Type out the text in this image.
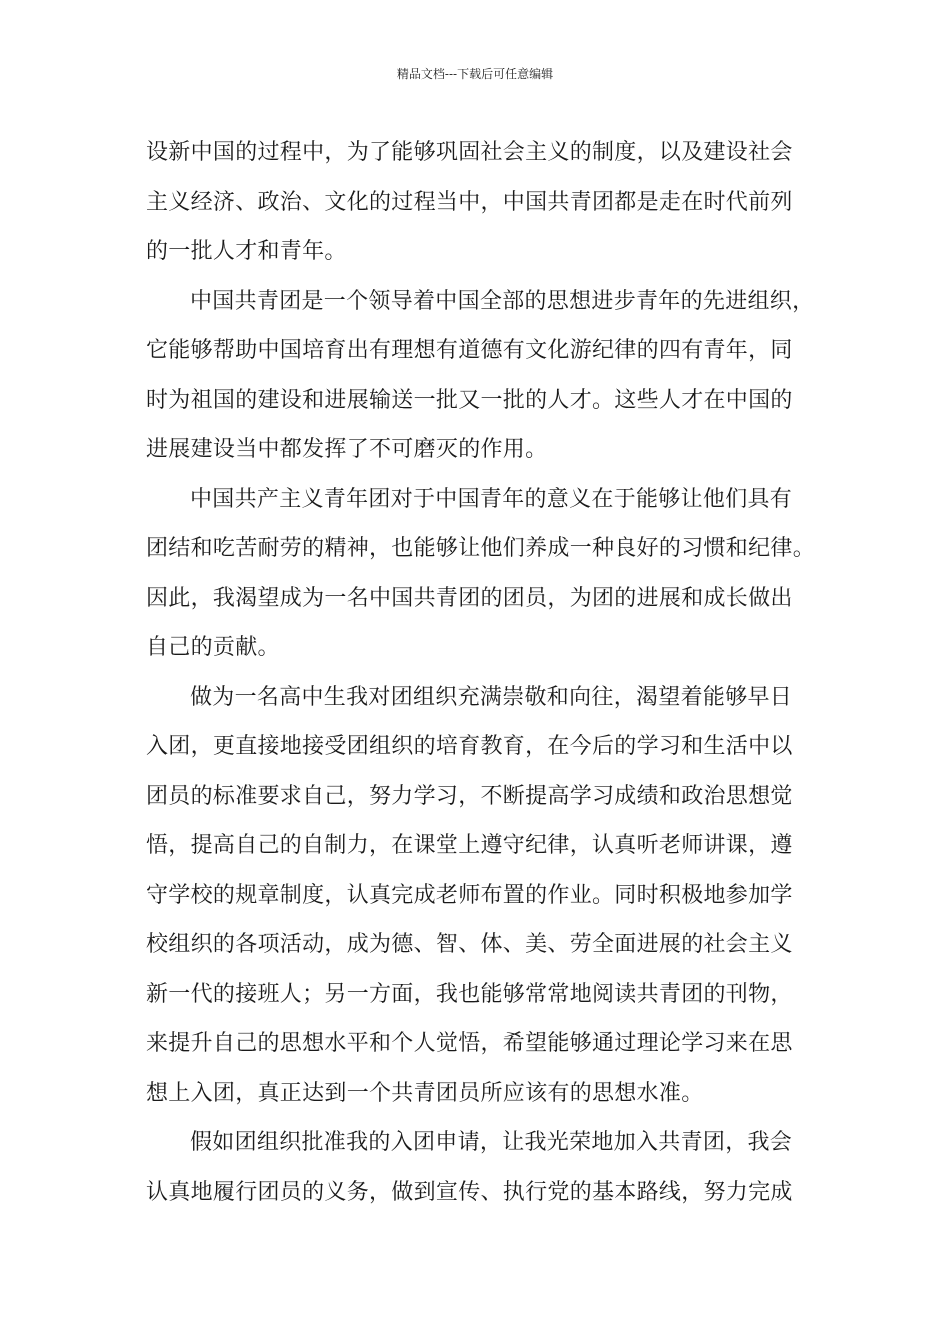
精品文档---下载后可任意编辑
设新中国的过程中，为了能够巩固社会主义的制度，以及建设社会
主义经济、政治、文化的过程当中，中国共青团都是走在时代前列
的一批人才和青年。
中国共青团是一个领导着中国全部的思想进步青年的先进组织，
它能够帮助中国培育出有理想有道德有文化游纪律的四有青年，同
时为祖国的建设和进展输送一批又一批的人才。这些人才在中国的
进展建设当中都发挥了不可磨灭的作用。
中国共产主义青年团对于中国青年的意义在于能够让他们具有
团结和吃苦耐劳的精神，也能够让他们养成一种良好的习惯和纪律。
因此，我渴望成为一名中国共青团的团员，为团的进展和成长做出
自己的贡献。
做为一名高中生我对团组织充满崇敬和向往，渴望着能够早日
入团，更直接地接受团组织的培育教育，在今后的学习和生活中以
团员的标准要求自己，努力学习，不断提高学习成绩和政治思想觉
悟，提高自己的自制力，在课堂上遵守纪律，认真听老师讲课，遵
守学校的规章制度，认真完成老师布置的作业。同时积极地参加学
校组织的各项活动，成为德、智、体、美、劳全面进展的社会主义
新一代的接班人；另一方面，我也能够常常地阅读共青团的刊物，
来提升自己的思想水平和个人觉悟，希望能够通过理论学习来在思
想上入团，真正达到一个共青团员所应该有的思想水准。
假如团组织批准我的入团申请，让我光荣地加入共青团，我会
认真地履行团员的义务，做到宣传、执行党的基本路线，努力完成
